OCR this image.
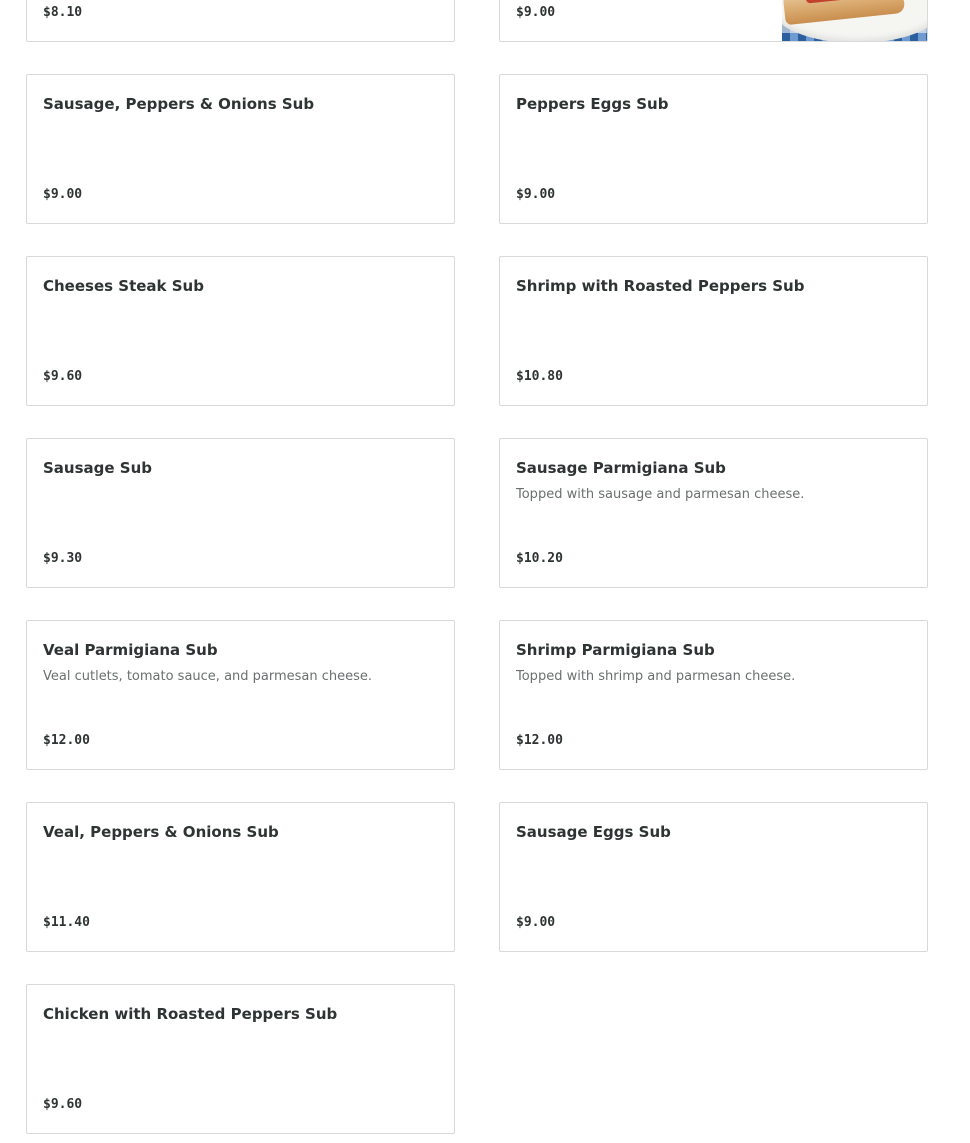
$8.10	$9.00
Sausage, Peppers & Onions Sub
$9.00
Peppers Eggs Sub
$9.00
Cheeses Steak Sub
$9.60
Shrimp with Roasted Peppers Sub
$10.80
Sausage Sub
$9.30
Sausage Parmigiana Sub
Topped with sausage and parmesan cheese.
$10.20
Veal Parmigiana Sub
Veal cutlets, tomato sauce, and parmesan cheese.
$12.00
Shrimp Parmigiana Sub
Topped with shrimp and parmesan cheese.
$12.00
Veal, Peppers & Onions Sub
$11.40
Sausage Eggs Sub
$9.00
Chicken with Roasted Peppers Sub
$9.60
